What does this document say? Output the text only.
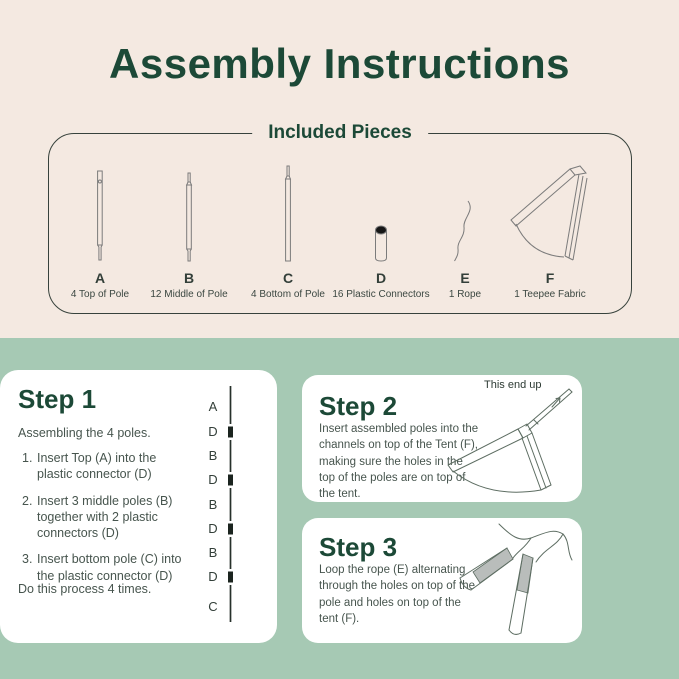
Assembly Instructions
Included Pieces
A
4 Top of Pole
B
12 Middle of Pole
C
4 Bottom of Pole
D
16 Plastic Connectors
E
1 Rope
F
1 Teepee Fabric
Step 1
Assembling the 4 poles.
1. Insert Top (A) into the plastic connector (D)
2. Insert 3 middle poles (B) together with 2 plastic connectors (D)
3. Insert bottom pole (C) into the plastic connector (D)
Do this process 4 times.
A
D
B
D
B
D
B
D
C
Step 2
This end up
Insert assembled poles into the channels on top of the Tent (F), making sure the holes in the top of the poles are on top of the tent.
Step 3
Loop the rope (E) alternating through the holes on top of the pole and holes on top of the tent (F).
